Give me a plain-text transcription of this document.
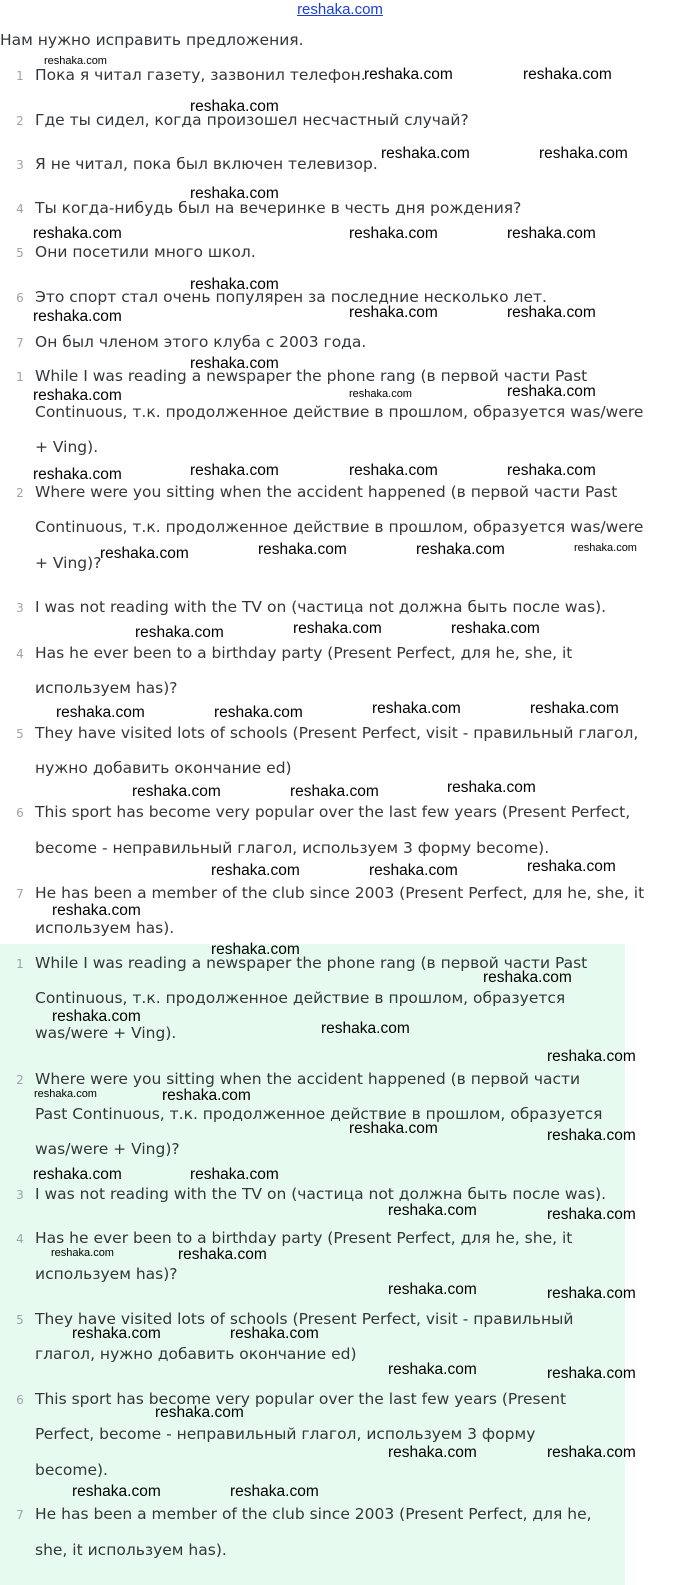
reshaka.com

Нам нужно исправить предложения.

1 Пока я читал газету, зазвонил телефон.
2 Где ты сидел, когда произошел несчастный случай?
3 Я не читал, пока был включен телевизор.
4 Ты когда-нибудь был на вечеринке в честь дня рождения?
5 Они посетили много школ.
6 Это спорт стал очень популярен за последние несколько лет.
7 Он был членом этого клуба с 2003 года.
1 While I was reading a newspaper the phone rang (в первой части Past
Continuous, т.к. продолженное действие в прошлом, образуется was/were
+ Ving).
2 Where were you sitting when the accident happened (в первой части Past
Continuous, т.к. продолженное действие в прошлом, образуется was/were
+ Ving)?
3 I was not reading with the TV on (частица not должна быть после was).
4 Has he ever been to a birthday party (Present Perfect, для he, she, it
используем has)?
5 They have visited lots of schools (Present Perfect, visit - правильный глагол,
нужно добавить окончание ed)
6 This sport has become very popular over the last few years (Present Perfect,
become - неправильный глагол, используем 3 форму become).
7 He has been a member of the club since 2003 (Present Perfect, для he, she, it
используем has).
1 While I was reading a newspaper the phone rang (в первой части Past
Continuous, т.к. продолженное действие в прошлом, образуется
was/were + Ving).
2 Where were you sitting when the accident happened (в первой части
Past Continuous, т.к. продолженное действие в прошлом, образуется
was/were + Ving)?
3 I was not reading with the TV on (частица not должна быть после was).
4 Has he ever been to a birthday party (Present Perfect, для he, she, it
используем has)?
5 They have visited lots of schools (Present Perfect, visit - правильный
глагол, нужно добавить окончание ed)
6 This sport has become very popular over the last few years (Present
Perfect, become - неправильный глагол, используем 3 форму
become).
7 He has been a member of the club since 2003 (Present Perfect, для he,
she, it используем has).
reshaka.com
reshaka.com	reshaka.com
reshaka.com
reshaka.com	reshaka.com
reshaka.com
reshaka.com	reshaka.com	reshaka.com
reshaka.com
reshaka.com	reshaka.com	reshaka.com
reshaka.com
reshaka.com	reshaka.com	reshaka.com
reshaka.com	reshaka.com	reshaka.com	reshaka.com
reshaka.com	reshaka.com	reshaka.com	reshaka.com
reshaka.com	reshaka.com	reshaka.com
reshaka.com	reshaka.com	reshaka.com	reshaka.com
reshaka.com	reshaka.com	reshaka.com
reshaka.com	reshaka.com	reshaka.com
reshaka.com
reshaka.com
reshaka.com
reshaka.com
reshaka.com
reshaka.com
reshaka.com	reshaka.com
reshaka.com	reshaka.com
reshaka.com	reshaka.com
reshaka.com	reshaka.com
reshaka.com	reshaka.com
reshaka.com	reshaka.com
reshaka.com	reshaka.com
reshaka.com	reshaka.com
reshaka.com
reshaka.com	reshaka.com
reshaka.com	reshaka.com
